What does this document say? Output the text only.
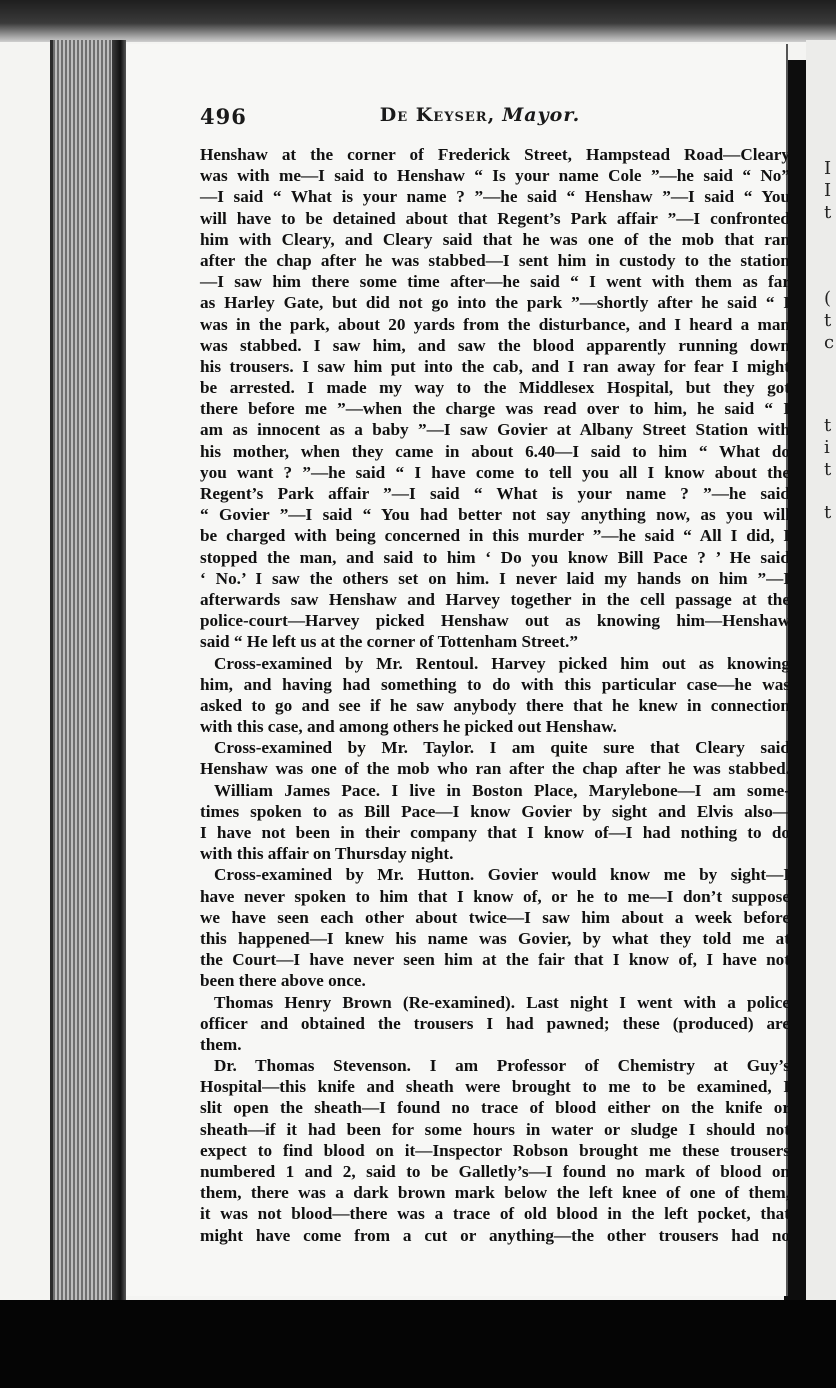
I
I
t
(
t
c
t
i
t
t
496	De Keyser, Mayor.
Henshaw at the corner of Frederick Street, Hampstead Road—Cleary
was with me—I said to Henshaw “ Is your name Cole ”—he said “ No”
—I said “ What is your name ? ”—he said “ Henshaw ”—I said “ You
will have to be detained about that Regent’s Park affair ”—I confronted
him with Cleary, and Cleary said that he was one of the mob that ran
after the chap after he was stabbed—I sent him in custody to the station
—I saw him there some time after—he said “ I went with them as far
as Harley Gate, but did not go into the park ”—shortly after he said “ I
was in the park, about 20 yards from the disturbance, and I heard a man
was stabbed. I saw him, and saw the blood apparently running down
his trousers. I saw him put into the cab, and I ran away for fear I might
be arrested. I made my way to the Middlesex Hospital, but they got
there before me ”—when the charge was read over to him, he said “ I
am as innocent as a baby ”—I saw Govier at Albany Street Station with
his mother, when they came in about 6.40—I said to him “ What do
you want ? ”—he said “ I have come to tell you all I know about the
Regent’s Park affair ”—I said “ What is your name ? ”—he said
“ Govier ”—I said “ You had better not say anything now, as you will
be charged with being concerned in this murder ”—he said “ All I did, I
stopped the man, and said to him ‘ Do you know Bill Pace ? ’ He said
‘ No.’ I saw the others set on him. I never laid my hands on him ”—I
afterwards saw Henshaw and Harvey together in the cell passage at the
police-court—Harvey picked Henshaw out as knowing him—Henshaw
said “ He left us at the corner of Tottenham Street.”
Cross-examined by Mr. Rentoul. Harvey picked him out as knowing
him, and having had something to do with this particular case—he was
asked to go and see if he saw anybody there that he knew in connection
with this case, and among others he picked out Henshaw.
Cross-examined by Mr. Taylor. I am quite sure that Cleary said
Henshaw was one of the mob who ran after the chap after he was stabbed.
William James Pace. I live in Boston Place, Marylebone—I am some-
times spoken to as Bill Pace—I know Govier by sight and Elvis also—
I have not been in their company that I know of—I had nothing to do
with this affair on Thursday night.
Cross-examined by Mr. Hutton. Govier would know me by sight—I
have never spoken to him that I know of, or he to me—I don’t suppose
we have seen each other about twice—I saw him about a week before
this happened—I knew his name was Govier, by what they told me at
the Court—I have never seen him at the fair that I know of, I have not
been there above once.
Thomas Henry Brown (Re-examined). Last night I went with a police
officer and obtained the trousers I had pawned; these (produced) are
them.
Dr. Thomas Stevenson. I am Professor of Chemistry at Guy’s
Hospital—this knife and sheath were brought to me to be examined, I
slit open the sheath—I found no trace of blood either on the knife or
sheath—if it had been for some hours in water or sludge I should not
expect to find blood on it—Inspector Robson brought me these trousers
numbered 1 and 2, said to be Galletly’s—I found no mark of blood on
them, there was a dark brown mark below the left knee of one of them,
it was not blood—there was a trace of old blood in the left pocket, that
might have come from a cut or anything—the other trousers had no
